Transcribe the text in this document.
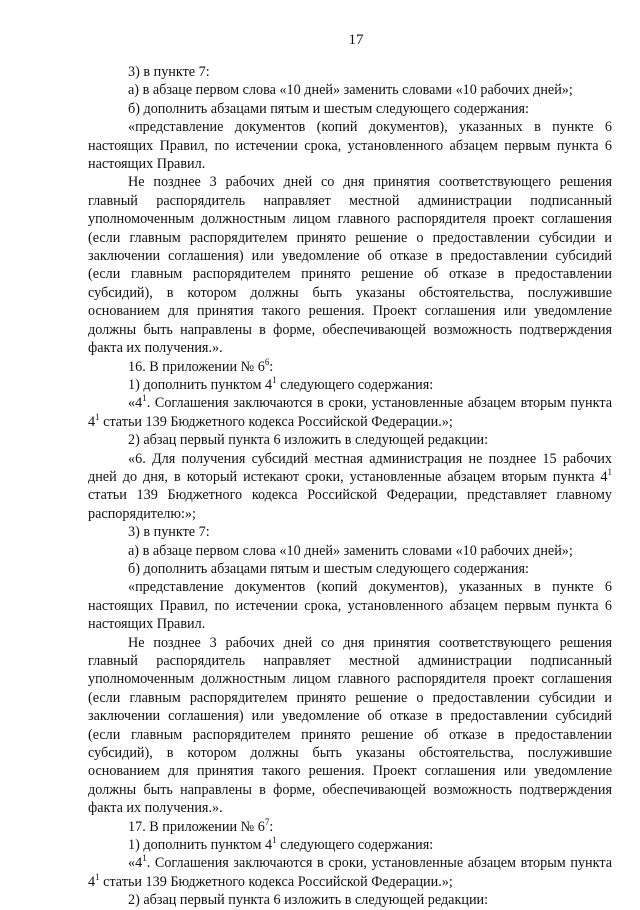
17

3) в пункте 7:

а) в абзаце первом слова «10 дней» заменить словами «10 рабочих дней»;

б) дополнить абзацами пятым и шестым следующего содержания:

«представление документов (копий документов), указанных в пункте 6 настоящих Правил, по истечении срока, установленного абзацем первым пункта 6 настоящих Правил.

Не позднее 3 рабочих дней со дня принятия соответствующего решения главный распорядитель направляет местной администрации подписанный уполномоченным должностным лицом главного распорядителя проект соглашения (если главным распорядителем принято решение о предоставлении субсидии и заключении соглашения) или уведомление об отказе в предоставлении субсидий (если главным распорядителем принято решение об отказе в предоставлении субсидий), в котором должны быть указаны обстоятельства, послужившие основанием для принятия такого решения. Проект соглашения или уведомление должны быть направлены в форме, обеспечивающей возможность подтверждения факта их получения.».

16. В приложении № $6^6$:

1) дополнить пунктом $4^1$ следующего содержания:

«$4^1$. Соглашения заключаются в сроки, установленные абзацем вторым пункта $4^1$ статьи 139 Бюджетного кодекса Российской Федерации.»;

2) абзац первый пункта 6 изложить в следующей редакции:

«6. Для получения субсидий местная администрация не позднее 15 рабочих дней до дня, в который истекают сроки, установленные абзацем вторым пункта $4^1$ статьи 139 Бюджетного кодекса Российской Федерации, представляет главному распорядителю:»;

3) в пункте 7:

а) в абзаце первом слова «10 дней» заменить словами «10 рабочих дней»;

б) дополнить абзацами пятым и шестым следующего содержания:

«представление документов (копий документов), указанных в пункте 6 настоящих Правил, по истечении срока, установленного абзацем первым пункта 6 настоящих Правил.

Не позднее 3 рабочих дней со дня принятия соответствующего решения главный распорядитель направляет местной администрации подписанный уполномоченным должностным лицом главного распорядителя проект соглашения (если главным распорядителем принято решение о предоставлении субсидии и заключении соглашения) или уведомление об отказе в предоставлении субсидий (если главным распорядителем принято решение об отказе в предоставлении субсидий), в котором должны быть указаны обстоятельства, послужившие основанием для принятия такого решения. Проект соглашения или уведомление должны быть направлены в форме, обеспечивающей возможность подтверждения факта их получения.».

17. В приложении № $6^7$:

1) дополнить пунктом $4^1$ следующего содержания:

«$4^1$. Соглашения заключаются в сроки, установленные абзацем вторым пункта $4^1$ статьи 139 Бюджетного кодекса Российской Федерации.»;

2) абзац первый пункта 6 изложить в следующей редакции:
